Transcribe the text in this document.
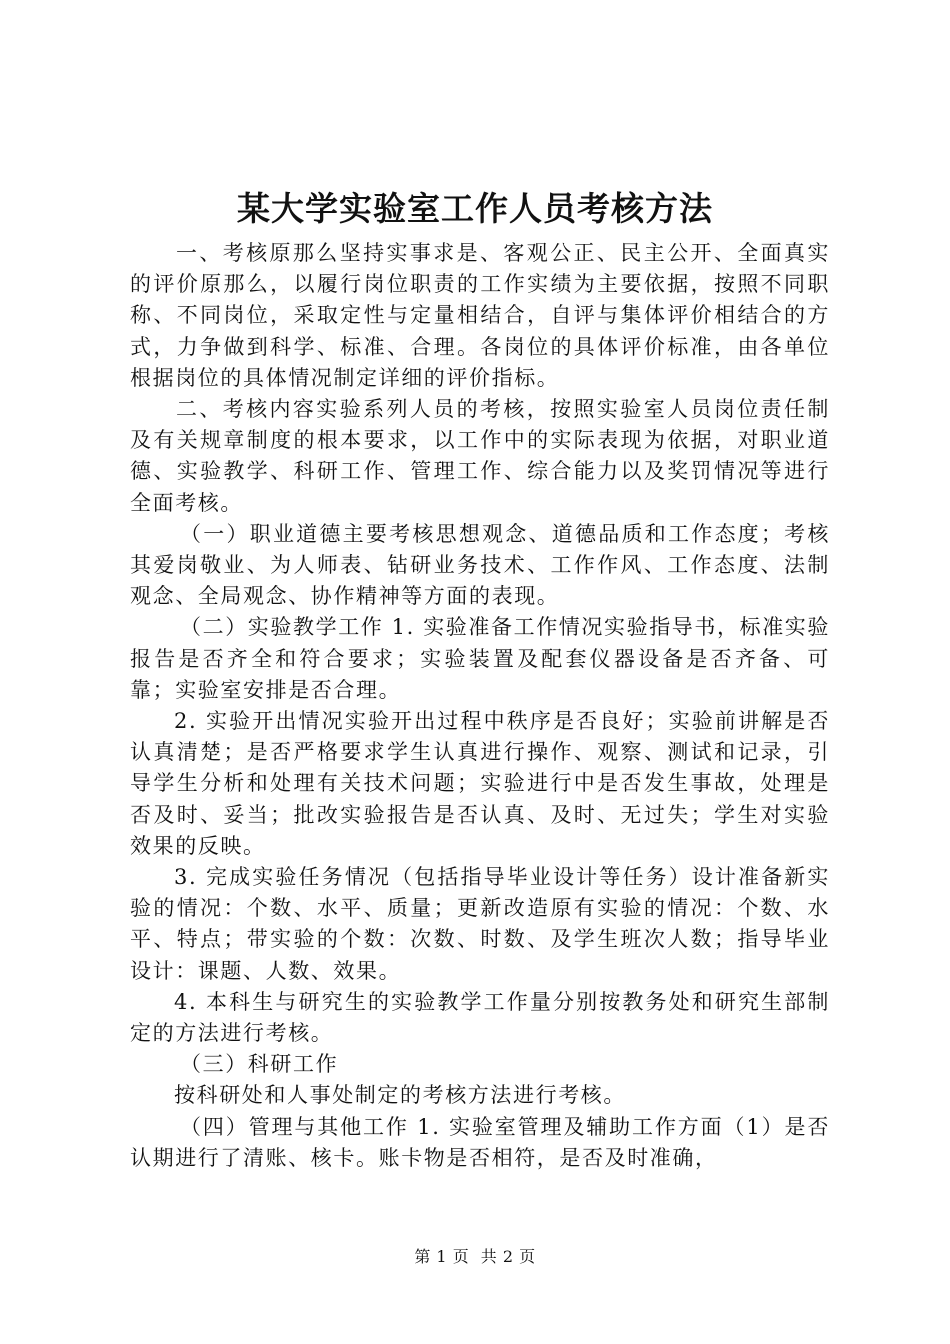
某大学实验室工作人员考核方法

一、考核原那么坚持实事求是、客观公正、民主公开、全面真实的评价原那么，以履行岗位职责的工作实绩为主要依据，按照不同职称、不同岗位，采取定性与定量相结合，自评与集体评价相结合的方式，力争做到科学、标准、合理。各岗位的具体评价标准，由各单位根据岗位的具体情况制定详细的评价指标。

二、考核内容实验系列人员的考核，按照实验室人员岗位责任制及有关规章制度的根本要求，以工作中的实际表现为依据，对职业道德、实验教学、科研工作、管理工作、综合能力以及奖罚情况等进行全面考核。

（一）职业道德主要考核思想观念、道德品质和工作态度；考核其爱岗敬业、为人师表、钻研业务技术、工作作风、工作态度、法制观念、全局观念、协作精神等方面的表现。

（二）实验教学工作 1. 实验准备工作情况实验指导书，标准实验报告是否齐全和符合要求；实验装置及配套仪器设备是否齐备、可靠；实验室安排是否合理。

2. 实验开出情况实验开出过程中秩序是否良好；实验前讲解是否认真清楚；是否严格要求学生认真进行操作、观察、测试和记录，引导学生分析和处理有关技术问题；实验进行中是否发生事故，处理是否及时、妥当；批改实验报告是否认真、及时、无过失；学生对实验效果的反映。

3. 完成实验任务情况（包括指导毕业设计等任务）设计准备新实验的情况：个数、水平、质量；更新改造原有实验的情况：个数、水平、特点；带实验的个数：次数、时数、及学生班次人数；指导毕业设计：课题、人数、效果。

4. 本科生与研究生的实验教学工作量分别按教务处和研究生部制定的方法进行考核。

（三）科研工作

按科研处和人事处制定的考核方法进行考核。

（四）管理与其他工作 1. 实验室管理及辅助工作方面（1）是否认期进行了清账、核卡。账卡物是否相符，是否及时准确，

第 1 页 共 2 页
